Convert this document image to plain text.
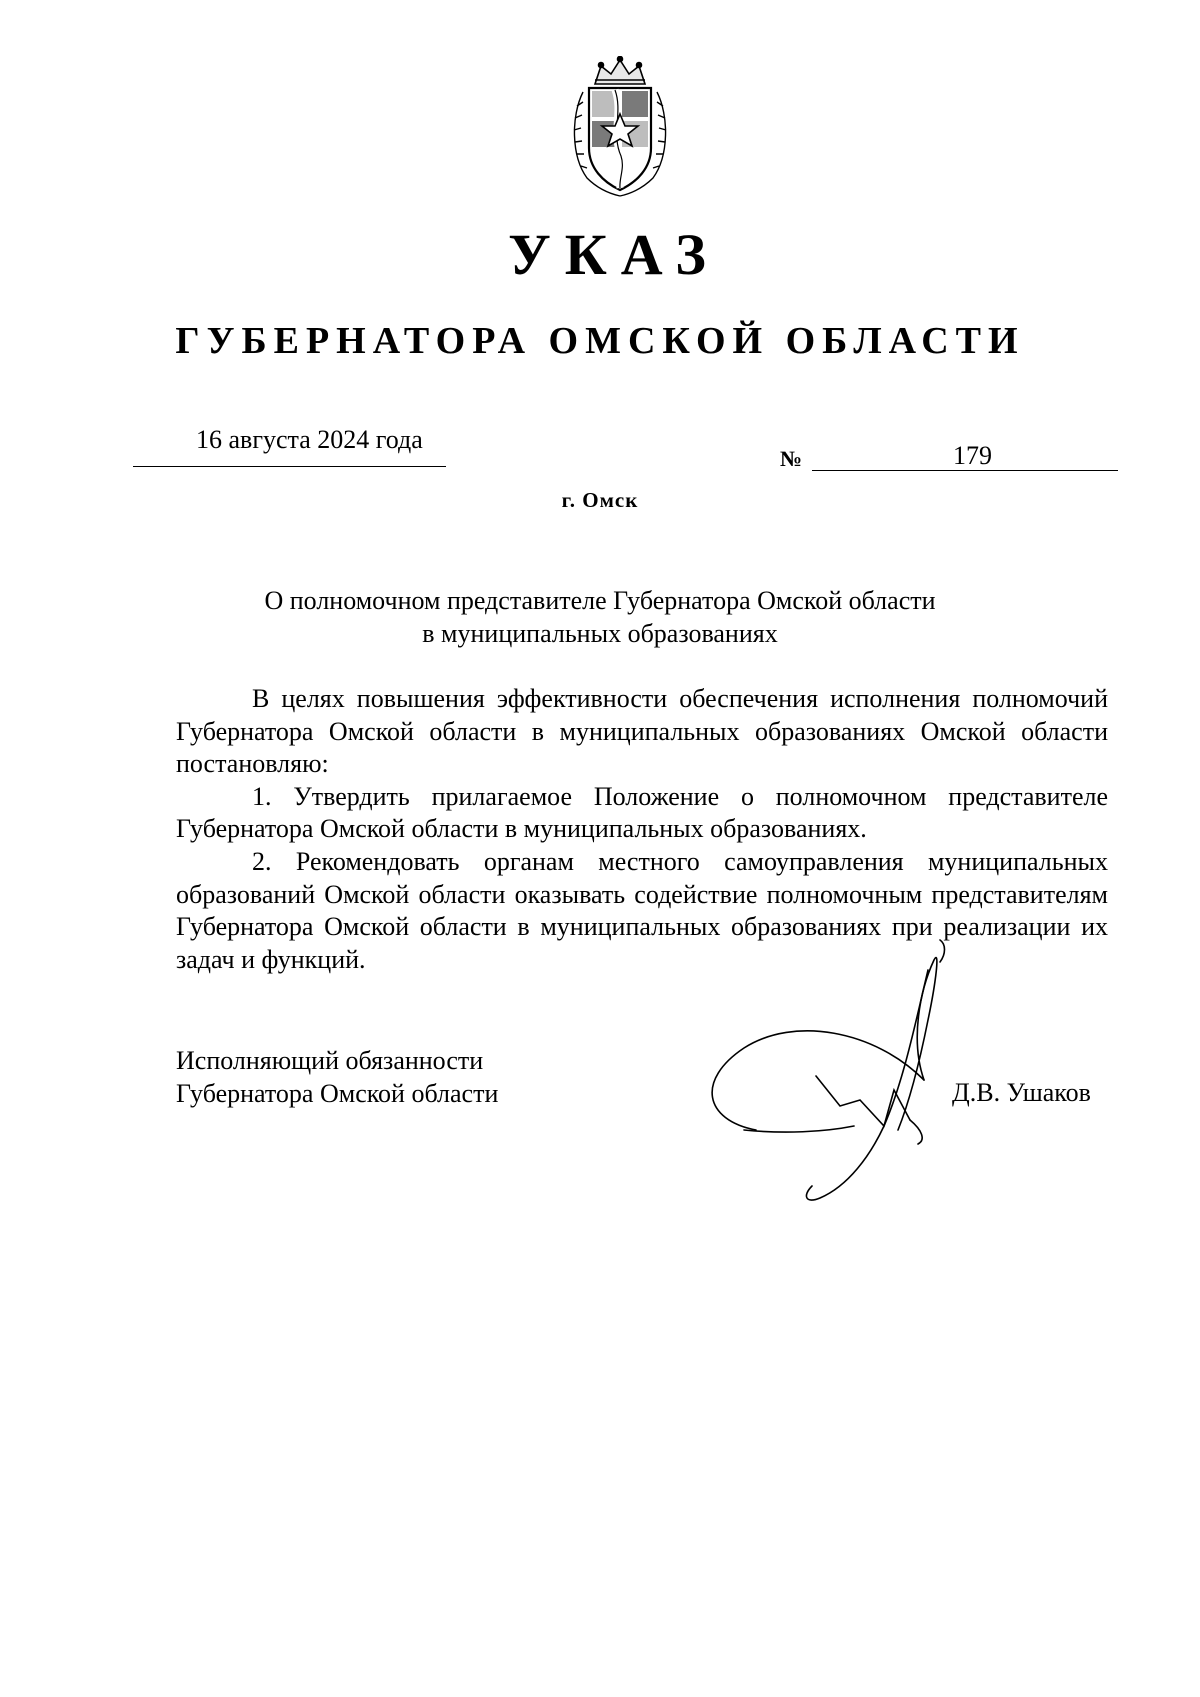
УКАЗ
ГУБЕРНАТОРА ОМСКОЙ ОБЛАСТИ
16 августа 2024 года
№	179
г. Омск
О полномочном представителе Губернатора Омской области
в муниципальных образованиях

В целях повышения эффективности обеспечения исполнения полномочий Губернатора Омской области в муниципальных образованиях Омской области постановляю:

1. Утвердить прилагаемое Положение о полномочном представителе Губернатора Омской области в муниципальных образованиях.

2. Рекомендовать органам местного самоуправления муниципальных образований Омской области оказывать содействие полномочным представителям Губернатора Омской области в муниципальных образованиях при реализации их задач и функций.

Исполняющий обязанности
Губернатора Омской области	Д.В. Ушаков
